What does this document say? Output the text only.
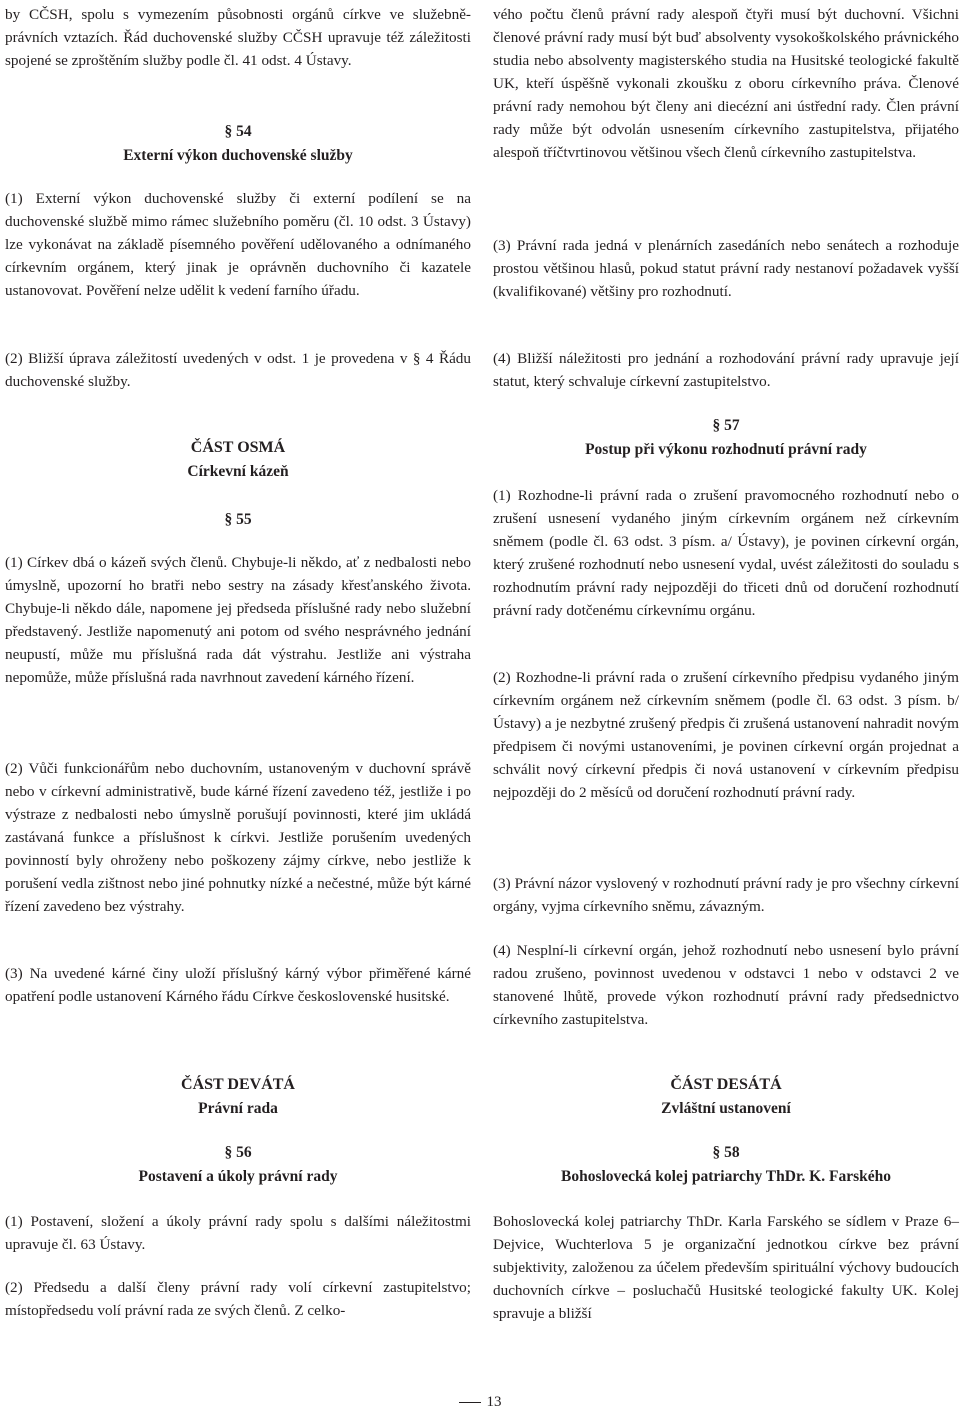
by CČSH, spolu s vymezením působnosti orgánů církve ve služebně-právních vztazích. Řád duchovenské služby CČSH upravuje též záležitosti spojené se zproštěním služby podle čl. 41 odst. 4 Ústavy.

§ 54

Externí výkon duchovenské služby

(1) Externí výkon duchovenské služby či externí podílení se na duchovenské službě mimo rámec služebního poměru (čl. 10 odst. 3 Ústavy) lze vykonávat na základě písemného pověření udělovaného a odnímaného církevním orgánem, který jinak je oprávněn duchovního či kazatele ustanovovat. Pověření nelze udělit k vedení farního úřadu.

(2) Bližší úprava záležitostí uvedených v odst. 1 je provedena v § 4 Řádu duchovenské služby.

ČÁST OSMÁ

Církevní kázeň

§ 55

(1) Církev dbá o kázeň svých členů. Chybuje-li někdo, ať z nedbalosti nebo úmyslně, upozorní ho bratři nebo sestry na zásady křesťanského života. Chybuje-li někdo dále, napomene jej předseda příslušné rady nebo služební představený. Jestliže napomenutý ani potom od svého nesprávného jednání neupustí, může mu příslušná rada dát výstrahu. Jestliže ani výstraha nepomůže, může příslušná rada navrhnout zavedení kárného řízení.

(2) Vůči funkcionářům nebo duchovním, ustanoveným v duchovní správě nebo v církevní administrativě, bude kárné řízení zavedeno též, jestliže i po výstraze z nedbalosti nebo úmyslně porušují povinnosti, které jim ukládá zastávaná funkce a příslušnost k církvi. Jestliže porušením uvedených povinností byly ohroženy nebo poškozeny zájmy církve, nebo jestliže k porušení vedla zištnost nebo jiné pohnutky nízké a nečestné, může být kárné řízení zavedeno bez výstrahy.

(3) Na uvedené kárné činy uloží příslušný kárný výbor přiměřené kárné opatření podle ustanovení Kárného řádu Církve československé husitské.

ČÁST DEVÁTÁ

Právní rada

§ 56

Postavení a úkoly právní rady

(1) Postavení, složení a úkoly právní rady spolu s dalšími náležitostmi upravuje čl. 63 Ústavy.

(2) Předsedu a další členy právní rady volí církevní zastupitelstvo; místopředsedu volí právní rada ze svých členů. Z celko-

vého počtu členů právní rady alespoň čtyři musí být duchovní. Všichni členové právní rady musí být buď absolventy vysokoškolského právnického studia nebo absolventy magisterského studia na Husitské teologické fakultě UK, kteří úspěšně vykonali zkoušku z oboru církevního práva. Členové právní rady nemohou být členy ani diecézní ani ústřední rady. Člen právní rady může být odvolán usnesením církevního zastupitelstva, přijatého alespoň tříčtvrtinovou většinou všech členů církevního zastupitelstva.

(3) Právní rada jedná v plenárních zasedáních nebo senátech a rozhoduje prostou většinou hlasů, pokud statut právní rady nestanoví požadavek vyšší (kvalifikované) většiny pro rozhodnutí.

(4) Bližší náležitosti pro jednání a rozhodování právní rady upravuje její statut, který schvaluje církevní zastupitelstvo.

§ 57

Postup při výkonu rozhodnutí právní rady

(1) Rozhodne-li právní rada o zrušení pravomocného rozhodnutí nebo o zrušení usnesení vydaného jiným církevním orgánem než církevním sněmem (podle čl. 63 odst. 3 písm. a/ Ústavy), je povinen církevní orgán, který zrušené rozhodnutí nebo usnesení vydal, uvést záležitosti do souladu s rozhodnutím právní rady nejpozději do třiceti dnů od doručení rozhodnutí právní rady dotčenému církevnímu orgánu.

(2) Rozhodne-li právní rada o zrušení církevního předpisu vydaného jiným církevním orgánem než církevním sněmem (podle čl. 63 odst. 3 písm. b/ Ústavy) a je nezbytné zrušený předpis či zrušená ustanovení nahradit novým předpisem či novými ustanoveními, je povinen církevní orgán projednat a schválit nový církevní předpis či nová ustanovení v církevním předpisu nejpozději do 2 měsíců od doručení rozhodnutí právní rady.

(3) Právní názor vyslovený v rozhodnutí právní rady je pro všechny církevní orgány, vyjma církevního sněmu, závazným.

(4) Nesplní-li církevní orgán, jehož rozhodnutí nebo usnesení bylo právní radou zrušeno, povinnost uvedenou v odstavci 1 nebo v odstavci 2 ve stanovené lhůtě, provede výkon rozhodnutí právní rady předsednictvo církevního zastupitelstva.

ČÁST DESÁTÁ

Zvláštní ustanovení

§ 58

Bohoslovecká kolej patriarchy ThDr. K. Farského

Bohoslovecká kolej patriarchy ThDr. Karla Farského se sídlem v Praze 6–Dejvice, Wuchterlova 5 je organizační jednotkou církve bez právní subjektivity, založenou za účelem především spirituální výchovy budoucích duchovních církve – posluchačů Husitské teologické fakulty UK. Kolej spravuje a bližší

13
